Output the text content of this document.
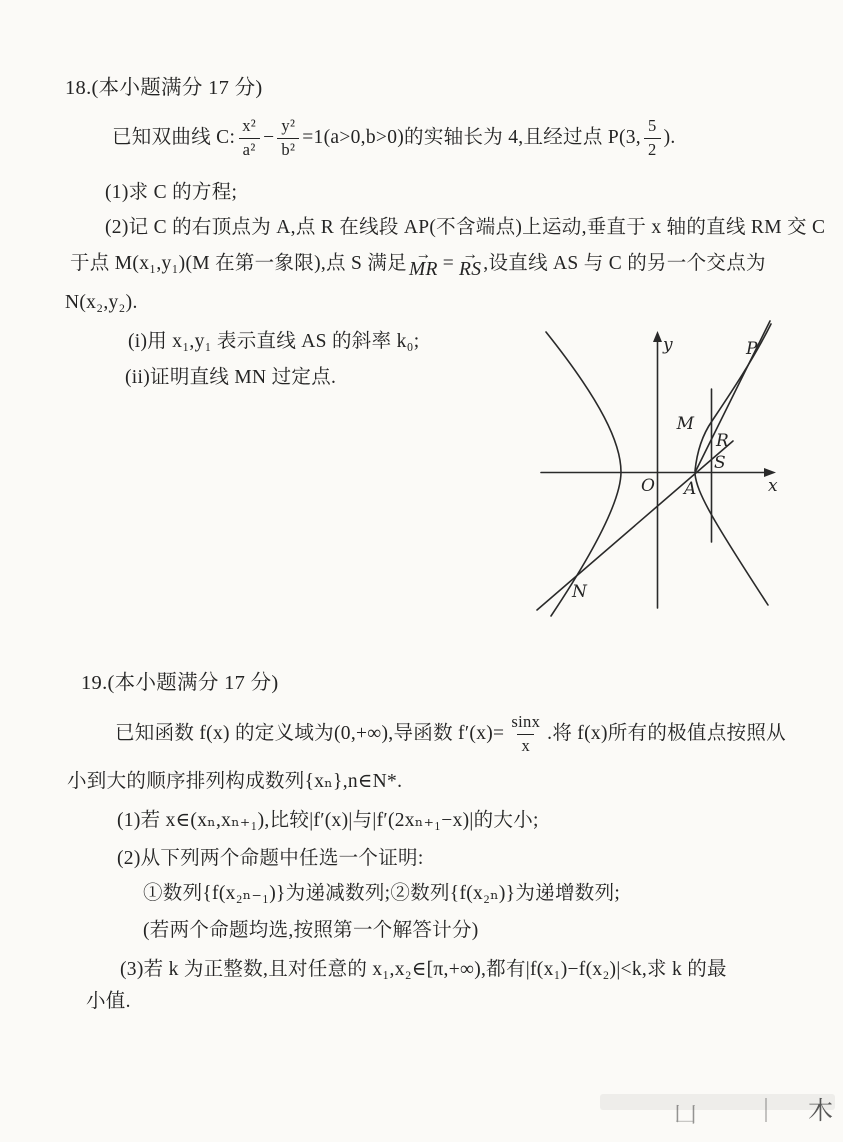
18.(本小题满分 17 分)
已知双曲线 C: $\frac{\text{x²}}{\text{a²}} - \frac{\text{y²}}{\text{b²}} =1(a>0,b>0)$的实轴长为 4,且经过点 P(3, $\frac{5}{2}$ ).
(1)求 C 的方程;
(2)记 C 的右顶点为 A,点 R 在线段 AP(不含端点)上运动,垂直于 x 轴的直线 RM 交 C
于点 M(x₁,y₁)(M 在第一象限),点 S 满足 →
MR = →
RS ,设直线 AS 与 C 的另一个交点为
N(x₂,y₂).
(i)用 x₁,y₁ 表示直线 AS 的斜率 k₀;
(ii)证明直线 MN 过定点.
y
x
O A
P
M
R
S
N
19.(本小题满分 17 分)
已知函数 f(x) 的定义域为(0,+∞),导函数 $f'(x)= \frac{\sin x}{x}$ .将 f(x)所有的极值点按照从
小到大的顺序排列构成数列{xₙ},n∈N*.
(1)若 x∈(xₙ,xₙ₊₁),比较|f′(x)|与|f′(2xₙ₊₁−x)|的大小;
(2)从下列两个命题中任选一个证明:
①数列{f(x₂ₙ₋₁)}为递减数列;②数列{f(x₂ₙ)}为递增数列;
(若两个命题均选,按照第一个解答计分)
(3)若 k 为正整数,且对任意的 x₁,x₂∈[π,+∞),都有|f(x₁)−f(x₂)|<k,求 k 的最
小值.
凵	木
